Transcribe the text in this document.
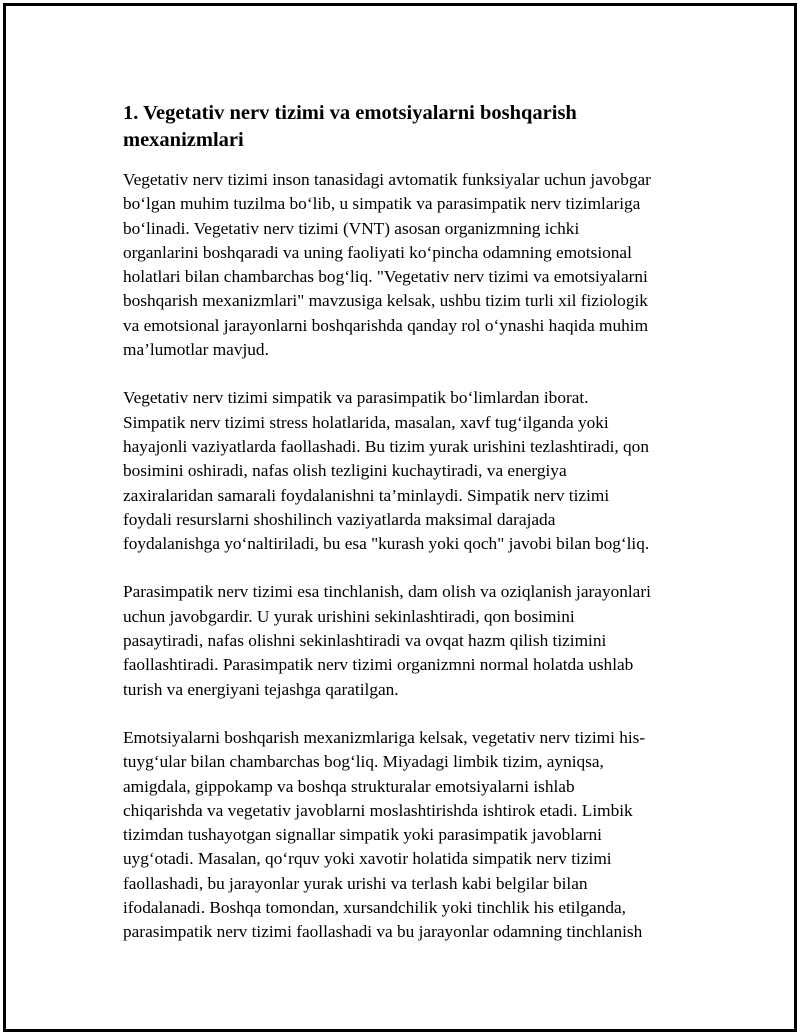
1. Vegetativ nerv tizimi va emotsiyalarni boshqarish
mexanizmlari

Vegetativ nerv tizimi inson tanasidagi avtomatik funksiyalar uchun javobgar
bo‘lgan muhim tuzilma bo‘lib, u simpatik va parasimpatik nerv tizimlariga
bo‘linadi. Vegetativ nerv tizimi (VNT) asosan organizmning ichki
organlarini boshqaradi va uning faoliyati ko‘pincha odamning emotsional
holatlari bilan chambarchas bog‘liq. "Vegetativ nerv tizimi va emotsiyalarni
boshqarish mexanizmlari" mavzusiga kelsak, ushbu tizim turli xil fiziologik
va emotsional jarayonlarni boshqarishda qanday rol o‘ynashi haqida muhim
ma’lumotlar mavjud.

Vegetativ nerv tizimi simpatik va parasimpatik bo‘limlardan iborat.
Simpatik nerv tizimi stress holatlarida, masalan, xavf tug‘ilganda yoki
hayajonli vaziyatlarda faollashadi. Bu tizim yurak urishini tezlashtiradi, qon
bosimini oshiradi, nafas olish tezligini kuchaytiradi, va energiya
zaxiralaridan samarali foydalanishni ta’minlaydi. Simpatik nerv tizimi
foydali resurslarni shoshilinch vaziyatlarda maksimal darajada
foydalanishga yo‘naltiriladi, bu esa "kurash yoki qoch" javobi bilan bog‘liq.

Parasimpatik nerv tizimi esa tinchlanish, dam olish va oziqlanish jarayonlari
uchun javobgardir. U yurak urishini sekinlashtiradi, qon bosimini
pasaytiradi, nafas olishni sekinlashtiradi va ovqat hazm qilish tizimini
faollashtiradi. Parasimpatik nerv tizimi organizmni normal holatda ushlab
turish va energiyani tejashga qaratilgan.

Emotsiyalarni boshqarish mexanizmlariga kelsak, vegetativ nerv tizimi his-
tuyg‘ular bilan chambarchas bog‘liq. Miyadagi limbik tizim, ayniqsa,
amigdala, gippokamp va boshqa strukturalar emotsiyalarni ishlab
chiqarishda va vegetativ javoblarni moslashtirishda ishtirok etadi. Limbik
tizimdan tushayotgan signallar simpatik yoki parasimpatik javoblarni
uyg‘otadi. Masalan, qo‘rquv yoki xavotir holatida simpatik nerv tizimi
faollashadi, bu jarayonlar yurak urishi va terlash kabi belgilar bilan
ifodalanadi. Boshqa tomondan, xursandchilik yoki tinchlik his etilganda,
parasimpatik nerv tizimi faollashadi va bu jarayonlar odamning tinchlanish
